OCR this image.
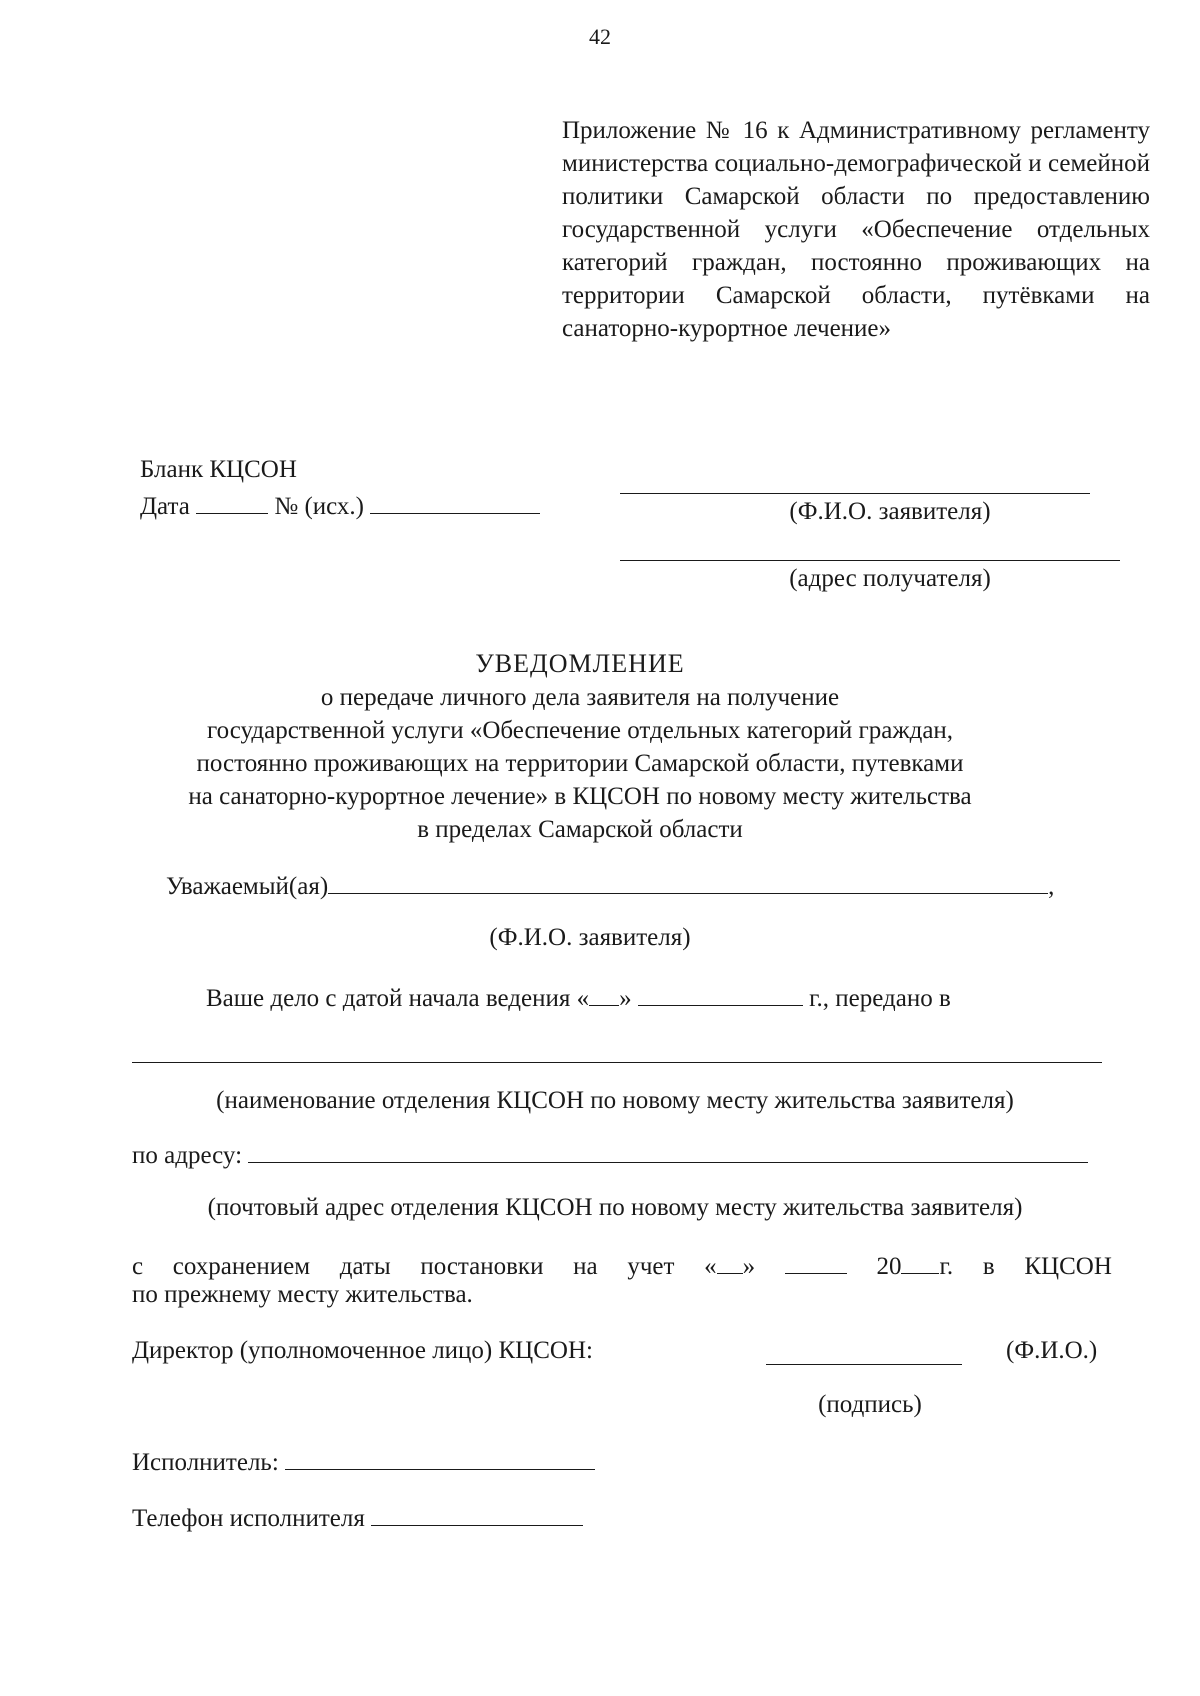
42
Приложение № 16 к Административному регламенту министерства социально-демографической и семейной политики Самарской области по предоставлению государственной услуги «Обеспечение отдельных категорий граждан, постоянно проживающих на территории Самарской области, путёвками на санаторно-курортное лечение»
Бланк КЦСОН
Дата	№ (исх.)	(Ф.И.О. заявителя)
(адрес получателя)
УВЕДОМЛЕНИЕ
о передаче личного дела заявителя на получение
государственной услуги «Обеспечение отдельных категорий граждан,
постоянно проживающих на территории Самарской области, путевками
на санаторно-курортное лечение» в КЦСОН по новому месту жительства
в пределах Самарской области
Уважаемый(ая)	,
(Ф.И.О. заявителя)
Ваше дело с датой начала ведения « »	г., передано в
(наименование отделения КЦСОН по новому месту жительства заявителя)
по адресу:
(почтовый адрес отделения КЦСОН по новому месту жительства заявителя)
с сохранением даты постановки на учет « »	20 г. в КЦСОН
по прежнему месту жительства.
Директор (уполномоченное лицо) КЦСОН:	(Ф.И.О.)
(подпись)
Исполнитель:
Телефон исполнителя
